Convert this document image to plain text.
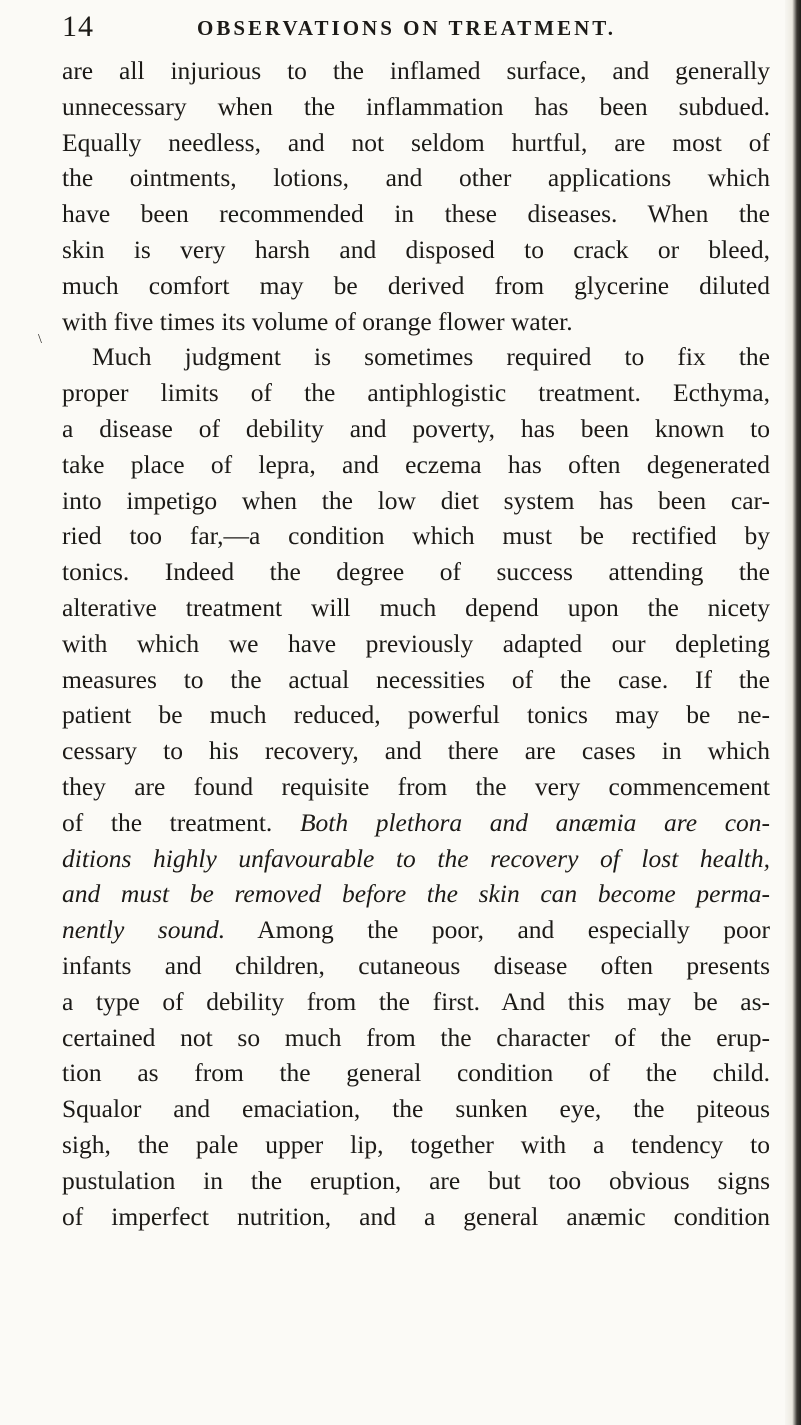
14	OBSERVATIONS ON TREATMENT.
\
are all injurious to the inflamed surface, and generally
unnecessary when the inflammation has been subdued.
Equally needless, and not seldom hurtful, are most of
the ointments, lotions, and other applications which
have been recommended in these diseases. When the
skin is very harsh and disposed to crack or bleed,
much comfort may be derived from glycerine diluted
with five times its volume of orange flower water.
Much judgment is sometimes required to fix the
proper limits of the antiphlogistic treatment. Ecthyma,
a disease of debility and poverty, has been known to
take place of lepra, and eczema has often degenerated
into impetigo when the low diet system has been car-
ried too far,—a condition which must be rectified by
tonics. Indeed the degree of success attending the
alterative treatment will much depend upon the nicety
with which we have previously adapted our depleting
measures to the actual necessities of the case. If the
patient be much reduced, powerful tonics may be ne-
cessary to his recovery, and there are cases in which
they are found requisite from the very commencement
of the treatment. Both plethora and anæmia are con-
ditions highly unfavourable to the recovery of lost health,
and must be removed before the skin can become perma-
nently sound. Among the poor, and especially poor
infants and children, cutaneous disease often presents
a type of debility from the first. And this may be as-
certained not so much from the character of the erup-
tion as from the general condition of the child.
Squalor and emaciation, the sunken eye, the piteous
sigh, the pale upper lip, together with a tendency to
pustulation in the eruption, are but too obvious signs
of imperfect nutrition, and a general anæmic condition
